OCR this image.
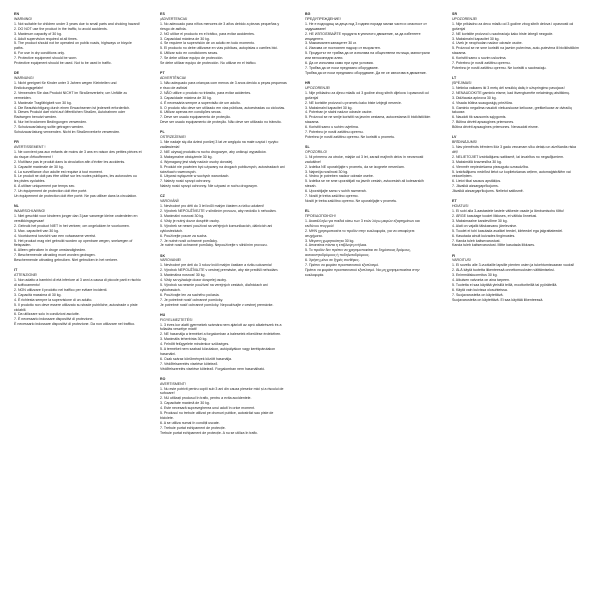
EN
WARNING!
1. Not suitable for children under 3 years due to small parts and choking hazard!
2. DO NOT use the product in the traffic, to avoid accidents.
3. Maximum capacity of 30 kg.
4. Adult supervision required at all times.
5. The product should not be operated on public roads, highways or bicycle paths.
6. For use in dry conditions only.
7. Protective equipment should be worn.
Protective equipment should be used. Not to be used in traffic.
DE
WARNUNG!
1. Nicht geeignet für Kinder unter 3 Jahren wegen Kleinteilen und Erstickungsgefahr!
2. Verwenden Sie das Produkt NICHT im Straßenverkehr, um Unfälle zu vermeiden.
3. Maximale Tragfähigkeit von 30 kg.
4. Die Beaufsichtigung durch einen Erwachsenen ist jederzeit erforderlich.
5. Dieses Produkt darf nicht auf öffentlichen Straßen, Autobahnen oder Radwegen benutzt werden.
6. Nur bei trockenen Bedingungen verwenden.
7. Schutzausrüstung sollte getragen werden.
Schutzausrüstung verwenden. Nicht im Straßenverkehr verwenden.
FR
AVERTISSEMENT !
1. Ne convient pas aux enfants de moins de 3 ans en raison des petites pièces et du risque d'étouffement !
2. N'utilisez pas le produit dans la circulation afin d'éviter les accidents.
3. Capacité maximale de 30 kg.
4. La surveillance d'un adulte est requise à tout moment.
5. Le produit ne doit pas être utilisé sur les routes publiques, les autoroutes ou les pistes cyclables.
6. À utiliser uniquement par temps sec.
7. Un équipement de protection doit être porté.
Un équipement de protection doit être porté. Ne pas utiliser dans la circulation.
NL
WAARSCHUWING!
1. Niet geschikt voor kinderen jonger dan 3 jaar vanwege kleine onderdelen en verstikkingsgevaar!
2. Gebruik het product NIET in het verkeer, om ongelukken te voorkomen.
3. Max. capaciteit van 30 kg.
4. Voortdurend toezicht van een volwassene vereist.
5. Het product mag niet gebruikt worden op openbare wegen, snelwegen of fietspaden.
6. Alleen gebruiken in droge omstandigheden.
7. Beschermende uitrusting moet worden gedragen.
Beschermende uitrusting gebruiken. Niet gebruiken in het verkeer.
IT
ATTENZIONE!
1. Non adatto a bambini di età inferiore ai 3 anni a causa di piccole parti e rischio di soffocamento!
2. NON utilizzare il prodotto nel traffico per evitare incidenti.
3. Capacità massima di 30 kg.
4. È richiesta sempre la supervisione di un adulto.
5. Il prodotto non deve essere utilizzato su strade pubbliche, autostrade o piste ciclabili.
6. Da utilizzare solo in condizioni asciutte.
7. È necessario indossare dispositivi di protezione.
È necessario indossare dispositivi di protezione. Da non utilizzare nel traffico.
ES
¡ADVERTENCIA!
1. No adecuado para niños menores de 3 años debido a piezas pequeñas y riesgo de asfixia.
2. NO utilice el producto en el tráfico, para evitar accidentes.
3. Capacidad máxima de 30 kg.
4. Se requiere la supervisión de un adulto en todo momento.
5. El producto no debe utilizarse en vías públicas, autopistas o carriles bici.
6. Utilizar solo en condiciones secas.
7. Se debe utilizar equipo de protección.
Se debe utilizar equipo de protección. No utilizar en el tráfico.
PT
ADVERTÊNCIA!
1. Não adequado para crianças com menos de 3 anos devido a peças pequenas e risco de asfixia!
2. NÃO utilize o produto no trânsito, para evitar acidentes.
3. Capacidade máxima de 30 kg.
4. É necessária sempre a supervisão de um adulto.
5. O produto não deve ser utilizado em vias públicas, autoestradas ou ciclovias.
6. Utilizar apenas em condições secas.
7. Deve ser usado equipamento de proteção.
Deve ser usado equipamento de proteção. Não deve ser utilizado no trânsito.
PL
OSTRZEŻENIE!
1. Nie nadaje się dla dzieci poniżej 3 lat ze względu na małe części i ryzyko zadławienia!
2. NIE używaj produktu w ruchu drogowym, aby uniknąć wypadków.
3. Maksymalne obciążenie 30 kg.
4. Wymagany jest stały nadzór osoby dorosłej.
5. Produkt nie powinien być używany na drogach publicznych, autostradach ani ścieżkach rowerowych.
6. Używać wyłącznie w suchych warunkach.
7. Należy nosić sprzęt ochronny.
Należy nosić sprzęt ochronny. Nie używać w ruchu drogowym.
CZ
VAROVÁNÍ!
1. Nevhodné pro děti do 3 let kvůli malým částem a riziku udušení!
2. Výrobek NEPOUŽÍVEJTE v silničním provozu, aby nedošlo k nehodám.
3. Maximální nosnost 30 kg.
4. Vždy je nutný dozor dospělé osoby.
5. Výrobek se nesmí používat na veřejných komunikacích, dálnicích ani cyklostezkách.
6. Používejte pouze za sucha.
7. Je nutné nosit ochranné pomůcky.
Je nutné nosit ochranné pomůcky. Nepoužívejte v silničním provozu.
SK
VAROVANIE!
1. Nevhodné pre deti do 3 rokov kvôli malým častiam a riziku udusenia!
2. Výrobok NEPOUŽÍVAJTE v cestnej premávke, aby ste predišli nehodám.
3. Maximálna nosnosť 30 kg.
4. Vždy sa vyžaduje dozor dospelej osoby.
5. Výrobok sa nesmie používať na verejných cestách, diaľniciach ani cyklotrasách.
6. Používajte len za suchého počasia.
7. Je potrebné nosiť ochranné pomôcky.
Je potrebné nosiť ochranné pomôcky. Nepoužívajte v cestnej premávke.
HU
FIGYELMEZTETÉS!
1. 3 éves kor alatti gyermekek számára nem ajánlott az apró alkatrészek és a fulladás veszélye miatt!
2. NE használja a terméket a forgalomban a balesetek elkerülése érdekében.
3. Maximális teherbírás 30 kg.
4. Felnőtt felügyelete mindenkor szükséges.
5. A terméket nem szabad közutakon, autópályákon vagy kerékpárutakon használni.
6. Csak száraz körülmények között használja.
7. Védőfelszerelés viselése kötelező.
Védőfelszerelés viselése kötelező. Forgalomban nem használható.
RO
AVERTISMENT!
1. Nu este potrivit pentru copiii sub 3 ani din cauza pieselor mici și a riscului de sufocare!
2. NU utilizați produsul în trafic, pentru a evita accidentele.
3. Capacitate maximă de 30 kg.
4. Este necesară supravegherea unui adult în orice moment.
5. Produsul nu trebuie utilizat pe drumuri publice, autostrăzi sau piste de biciclete.
6. A se utiliza numai în condiții uscate.
7. Trebuie purtat echipament de protecție.
Trebuie purtat echipament de protecție. A nu se utiliza în trafic.
BG
ПРЕДУПРЕЖДЕНИЕ!
1. Не е подходящ за деца под 3 години поради малки части и опасност от задушаване!
2. НЕ ИЗПОЛЗВАЙТЕ продукта в уличното движение, за да избегнете инциденти.
3. Максимален капацитет 30 кг.
4. Изисква се постоянен надзор от възрастен.
5. Продуктът не трябва да се използва на обществени пътища, магистрали или велосипедни алеи.
6. Да се използва само при сухи условия.
7. Трябва да се носи предпазно оборудване.
Трябва да се носи предпазно оборудване. Да не се използва в движение.
HR
UPOZORENJE!
1. Nije prikladno za djecu mlađu od 3 godine zbog sitnih dijelova i opasnosti od gušenja!
2. NE koristite proizvod u prometu kako biste izbjegli nesreće.
3. Maksimalni kapacitet 30 kg.
4. Potreban je stalni nadzor odrasle osobe.
5. Proizvod se ne smije koristiti na javnim cestama, autocestama ili biciklističkim stazama.
6. Koristiti samo u suhim uvjetima.
7. Potrebno je nositi zaštitnu opremu.
Potrebno je nositi zaštitnu opremu. Ne koristiti u prometu.
SL
OPOZORILO!
1. Ni primerno za otroke, mlajše od 3 let, zaradi majhnih delov in nevarnosti zadušitve!
2. Izdelka NE uporabljajte v prometu, da se izognete nesrečam.
3. Največja nosilnost 30 kg.
4. Vedno je potreben nadzor odrasle osebe.
5. Izdelka se ne sme uporabljati na javnih cestah, avtocestah ali kolesarskih stezah.
6. Uporabljajte samo v suhih razmerah.
7. Nositi je treba zaščitno opremo.
Nositi je treba zaščitno opremo. Ne uporabljajte v prometu.
EL
ΠΡΟΕΙΔΟΠΟΙΗΣΗ!
1. Ακατάλληλο για παιδιά κάτω των 3 ετών λόγω μικρών εξαρτημάτων και κινδύνου πνιγμού!
2. ΜΗΝ χρησιμοποιείτε το προϊόν στην κυκλοφορία, για να αποφύγετε ατυχήματα.
3. Μέγιστη χωρητικότητα 30 kg.
4. Απαιτείται πάντα η επίβλεψη ενήλικα.
5. Το προϊόν δεν πρέπει να χρησιμοποιείται σε δημόσιους δρόμους, αυτοκινητοδρόμους ή ποδηλατοδρόμους.
6. Χρήση μόνο σε ξηρές συνθήκες.
7. Πρέπει να φοράτε προστατευτικό εξοπλισμό.
Πρέπει να φοράτε προστατευτικό εξοπλισμό. Να μη χρησιμοποιείται στην κυκλοφορία.
SR
UPOZORENJE!
1. Nije prikladno za decu mlađu od 3 godine zbog sitnih delova i opasnosti od gušenja!
2. NE koristite proizvod u saobraćaju kako biste izbegli nezgode.
3. Maksimalni kapacitet 30 kg.
4. Uvek je neophodan nadzor odrasle osobe.
5. Proizvod se ne sme koristiti na javnim putevima, auto-putevima ili biciklističkim stazama.
6. Koristiti samo u suvim uslovima.
7. Potrebno je nositi zaštitnu opremu.
Potrebno je nositi zaštitnu opremu. Ne koristiti u saobraćaju.
LT
ĮSPĖJIMAS!
1. Netinka vaikams iki 3 metų dėl smulkių dalių ir užspringimo pavojaus!
2. NENAUDOKITE gaminio eisme, kad išvengtumėte nelaimingų atsitikimų.
3. Didžiausia apkrova 30 kg.
4. Visada būtina suaugusiųjų priežiūra.
5. Gaminio negalima naudoti viešuosiuose keliuose, greitkeliuose ar dviračių takuose.
6. Naudoti tik sausomis sąlygomis.
7. Būtina dėvėti apsaugines priemones.
Būtina dėvėti apsaugines priemones. Nenaudoti eisme.
LV
BRĪDINĀJUMS!
1. Nav piemērots bērniem līdz 3 gadu vecumam sīku detaļu un aizrīšanās riska dēļ!
2. NELIETOJIET izstrādājumu satiksmē, lai izvairītos no negadījumiem.
3. Maksimālā kravnesība 30 kg.
4. Vienmēr nepieciešama pieaugušo uzraudzība.
5. Izstrādājumu nedrīkst lietot uz koplietošanas ceļiem, automaģistrālēm vai veloceliņiem.
6. Lietot tikai sausos apstākļos.
7. Jāvalkā aizsargaprīkojums.
Jāvalkā aizsargaprīkojums. Nelietot satiksmē.
ET
HOIATUS!
1. Ei sobi alla 3-aastastele lastele väikeste osade ja lämbumisohu tõttu!
2. ÄRGE kasutage toodet liikluses, et vältida õnnetusi.
3. Maksimaalne kandevõime 30 kg.
4. Alati on vajalik täiskasvanu järelevalve.
5. Toodet ei tohi kasutada avalikel teedel, kiirteedel ega jalgrattateedel.
6. Kasutada ainult kuivades tingimustes.
7. Kanda tuleb kaitsevarustust.
Kanda tuleb kaitsevarustust. Mitte kasutada liikluses.
FI
VAROITUS!
1. Ei sovellu alle 3-vuotiaille lapsille pienten osien ja tukehtumisvaaran vuoksi!
2. ÄLÄ käytä tuotetta liikenteessä onnettomuuksien välttämiseksi.
3. Enimmäiskuormitus 30 kg.
4. Aikuisen valvonta on aina tarpeen.
5. Tuotetta ei saa käyttää yleisillä teillä, moottoriteillä tai pyöräteillä.
6. Käytä vain kuivissa olosuhteissa.
7. Suojavarusteita on käytettävä.
Suojavarusteita on käytettävä. Ei saa käyttää liikenteessä.
